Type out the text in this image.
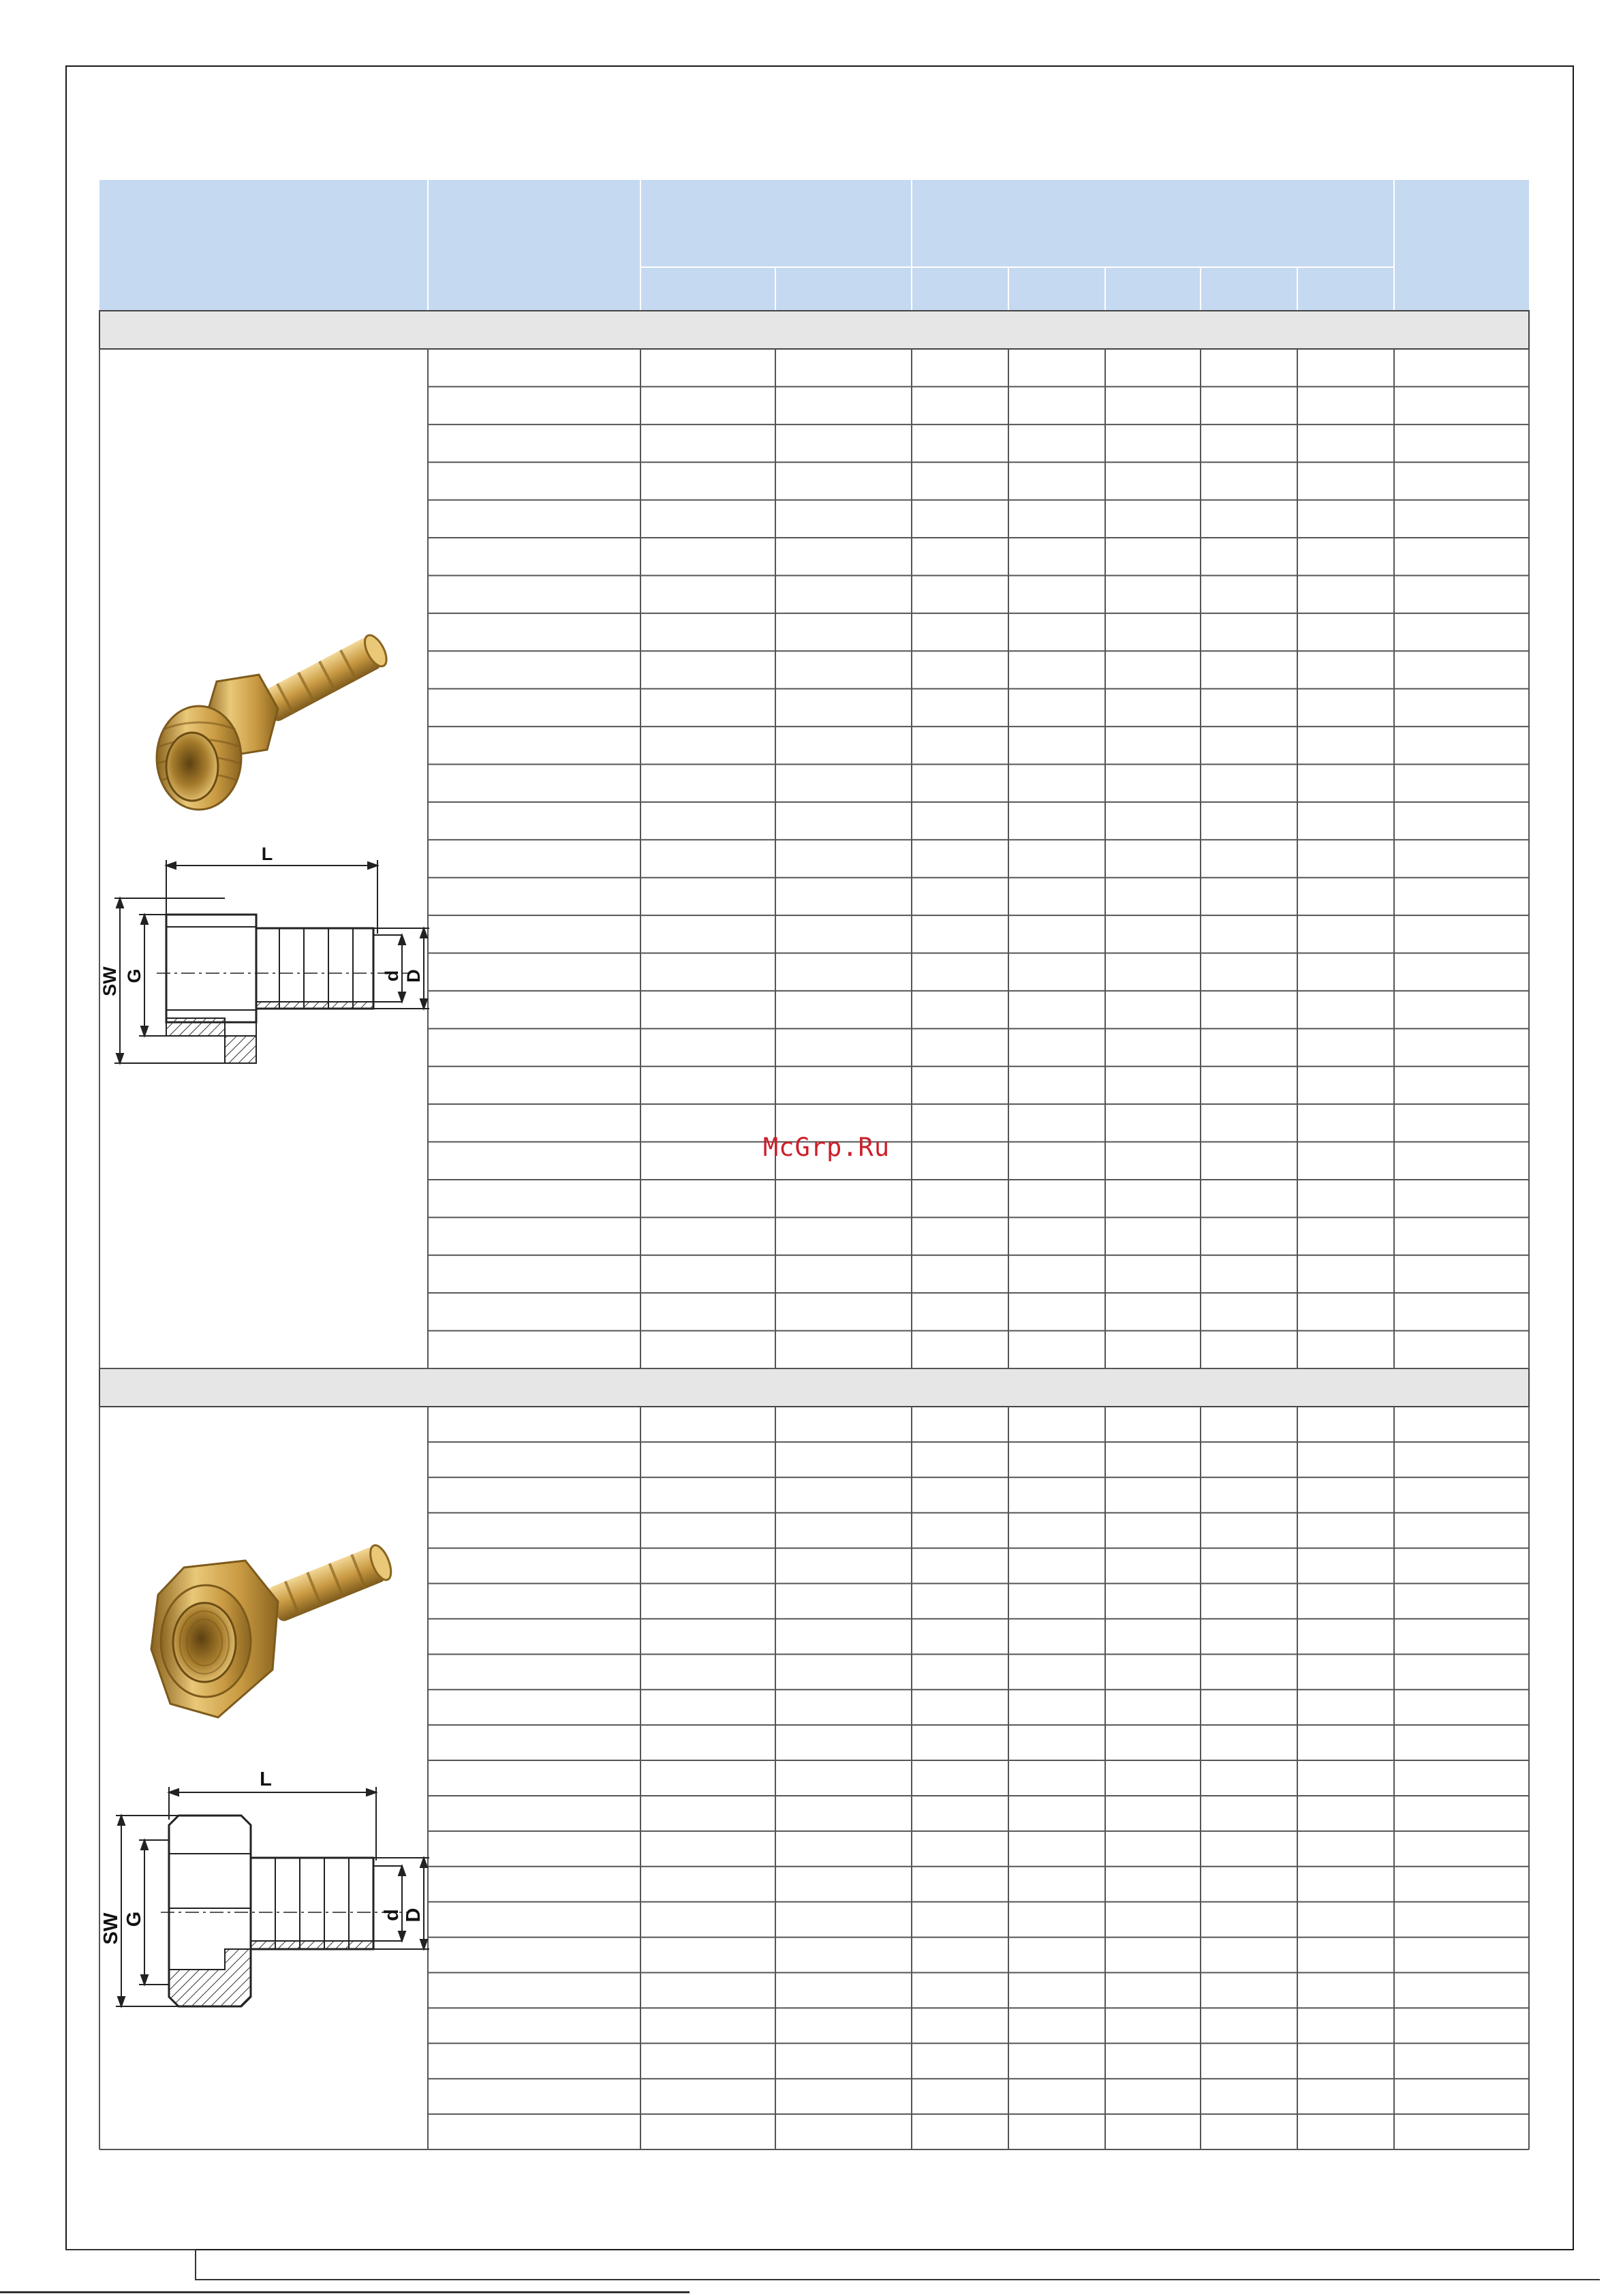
L
SW G	d D
L
SW G	d D
McGrp.Ru
